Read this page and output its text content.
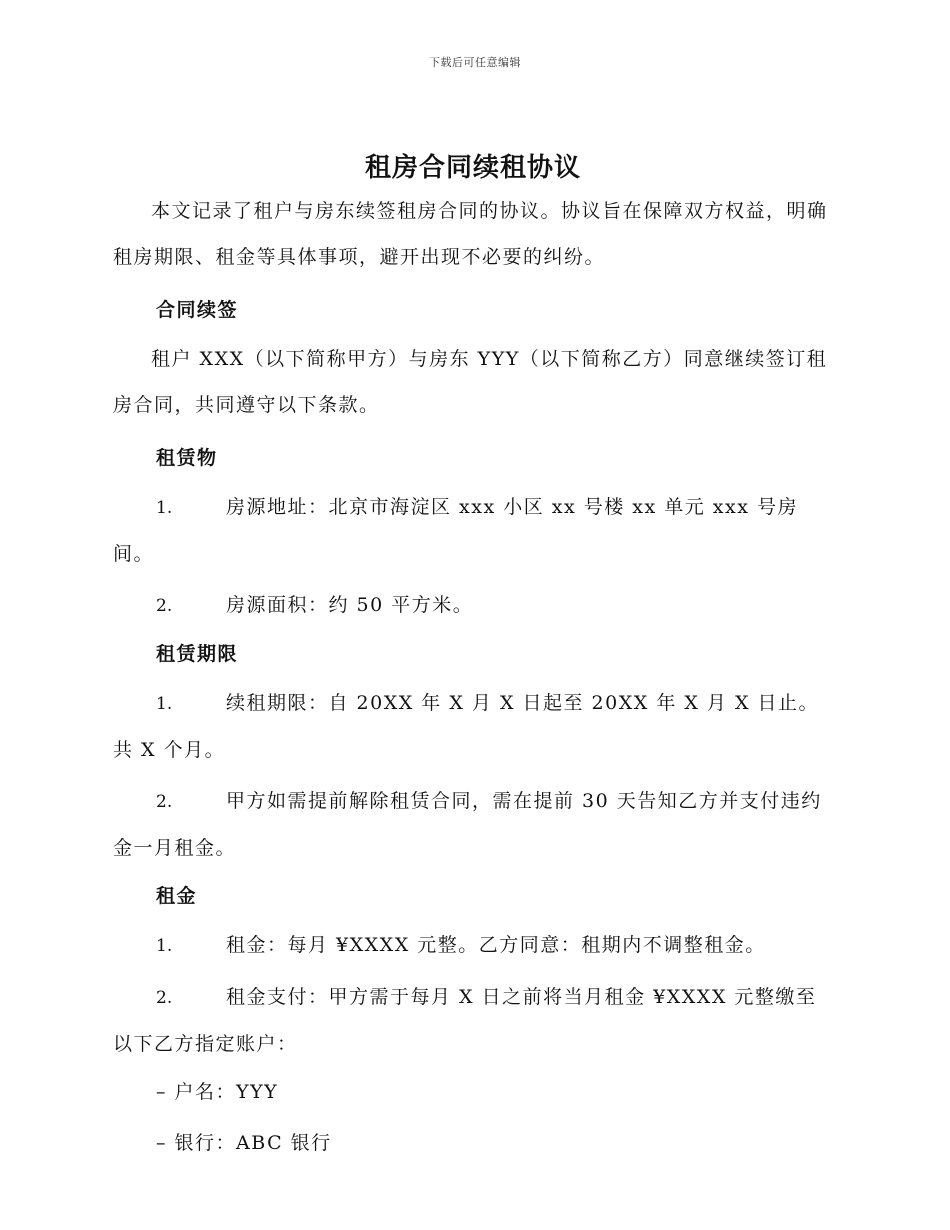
下载后可任意编辑
租房合同续租协议

本文记录了租户与房东续签租房合同的协议。协议旨在保障双方权益，明确租房期限、租金等具体事项，避开出现不必要的纠纷。

合同续签

租户 XXX（以下简称甲方）与房东 YYY（以下简称乙方）同意继续签订租房合同，共同遵守以下条款。

租赁物

1.	房源地址：北京市海淀区 xxx 小区 xx 号楼 xx 单元 xxx 号房间。

2.	房源面积：约 50 平方米。

租赁期限

1.	续租期限：自 20XX 年 X 月 X 日起至 20XX 年 X 月 X 日止。共 X 个月。

2.	甲方如需提前解除租赁合同，需在提前 30 天告知乙方并支付违约金一月租金。

租金

1.	租金：每月 ¥XXXX 元整。乙方同意：租期内不调整租金。

2.	租金支付：甲方需于每月 X 日之前将当月租金 ¥XXXX 元整缴至以下乙方指定账户：

– 户名：YYY

– 银行：ABC 银行
